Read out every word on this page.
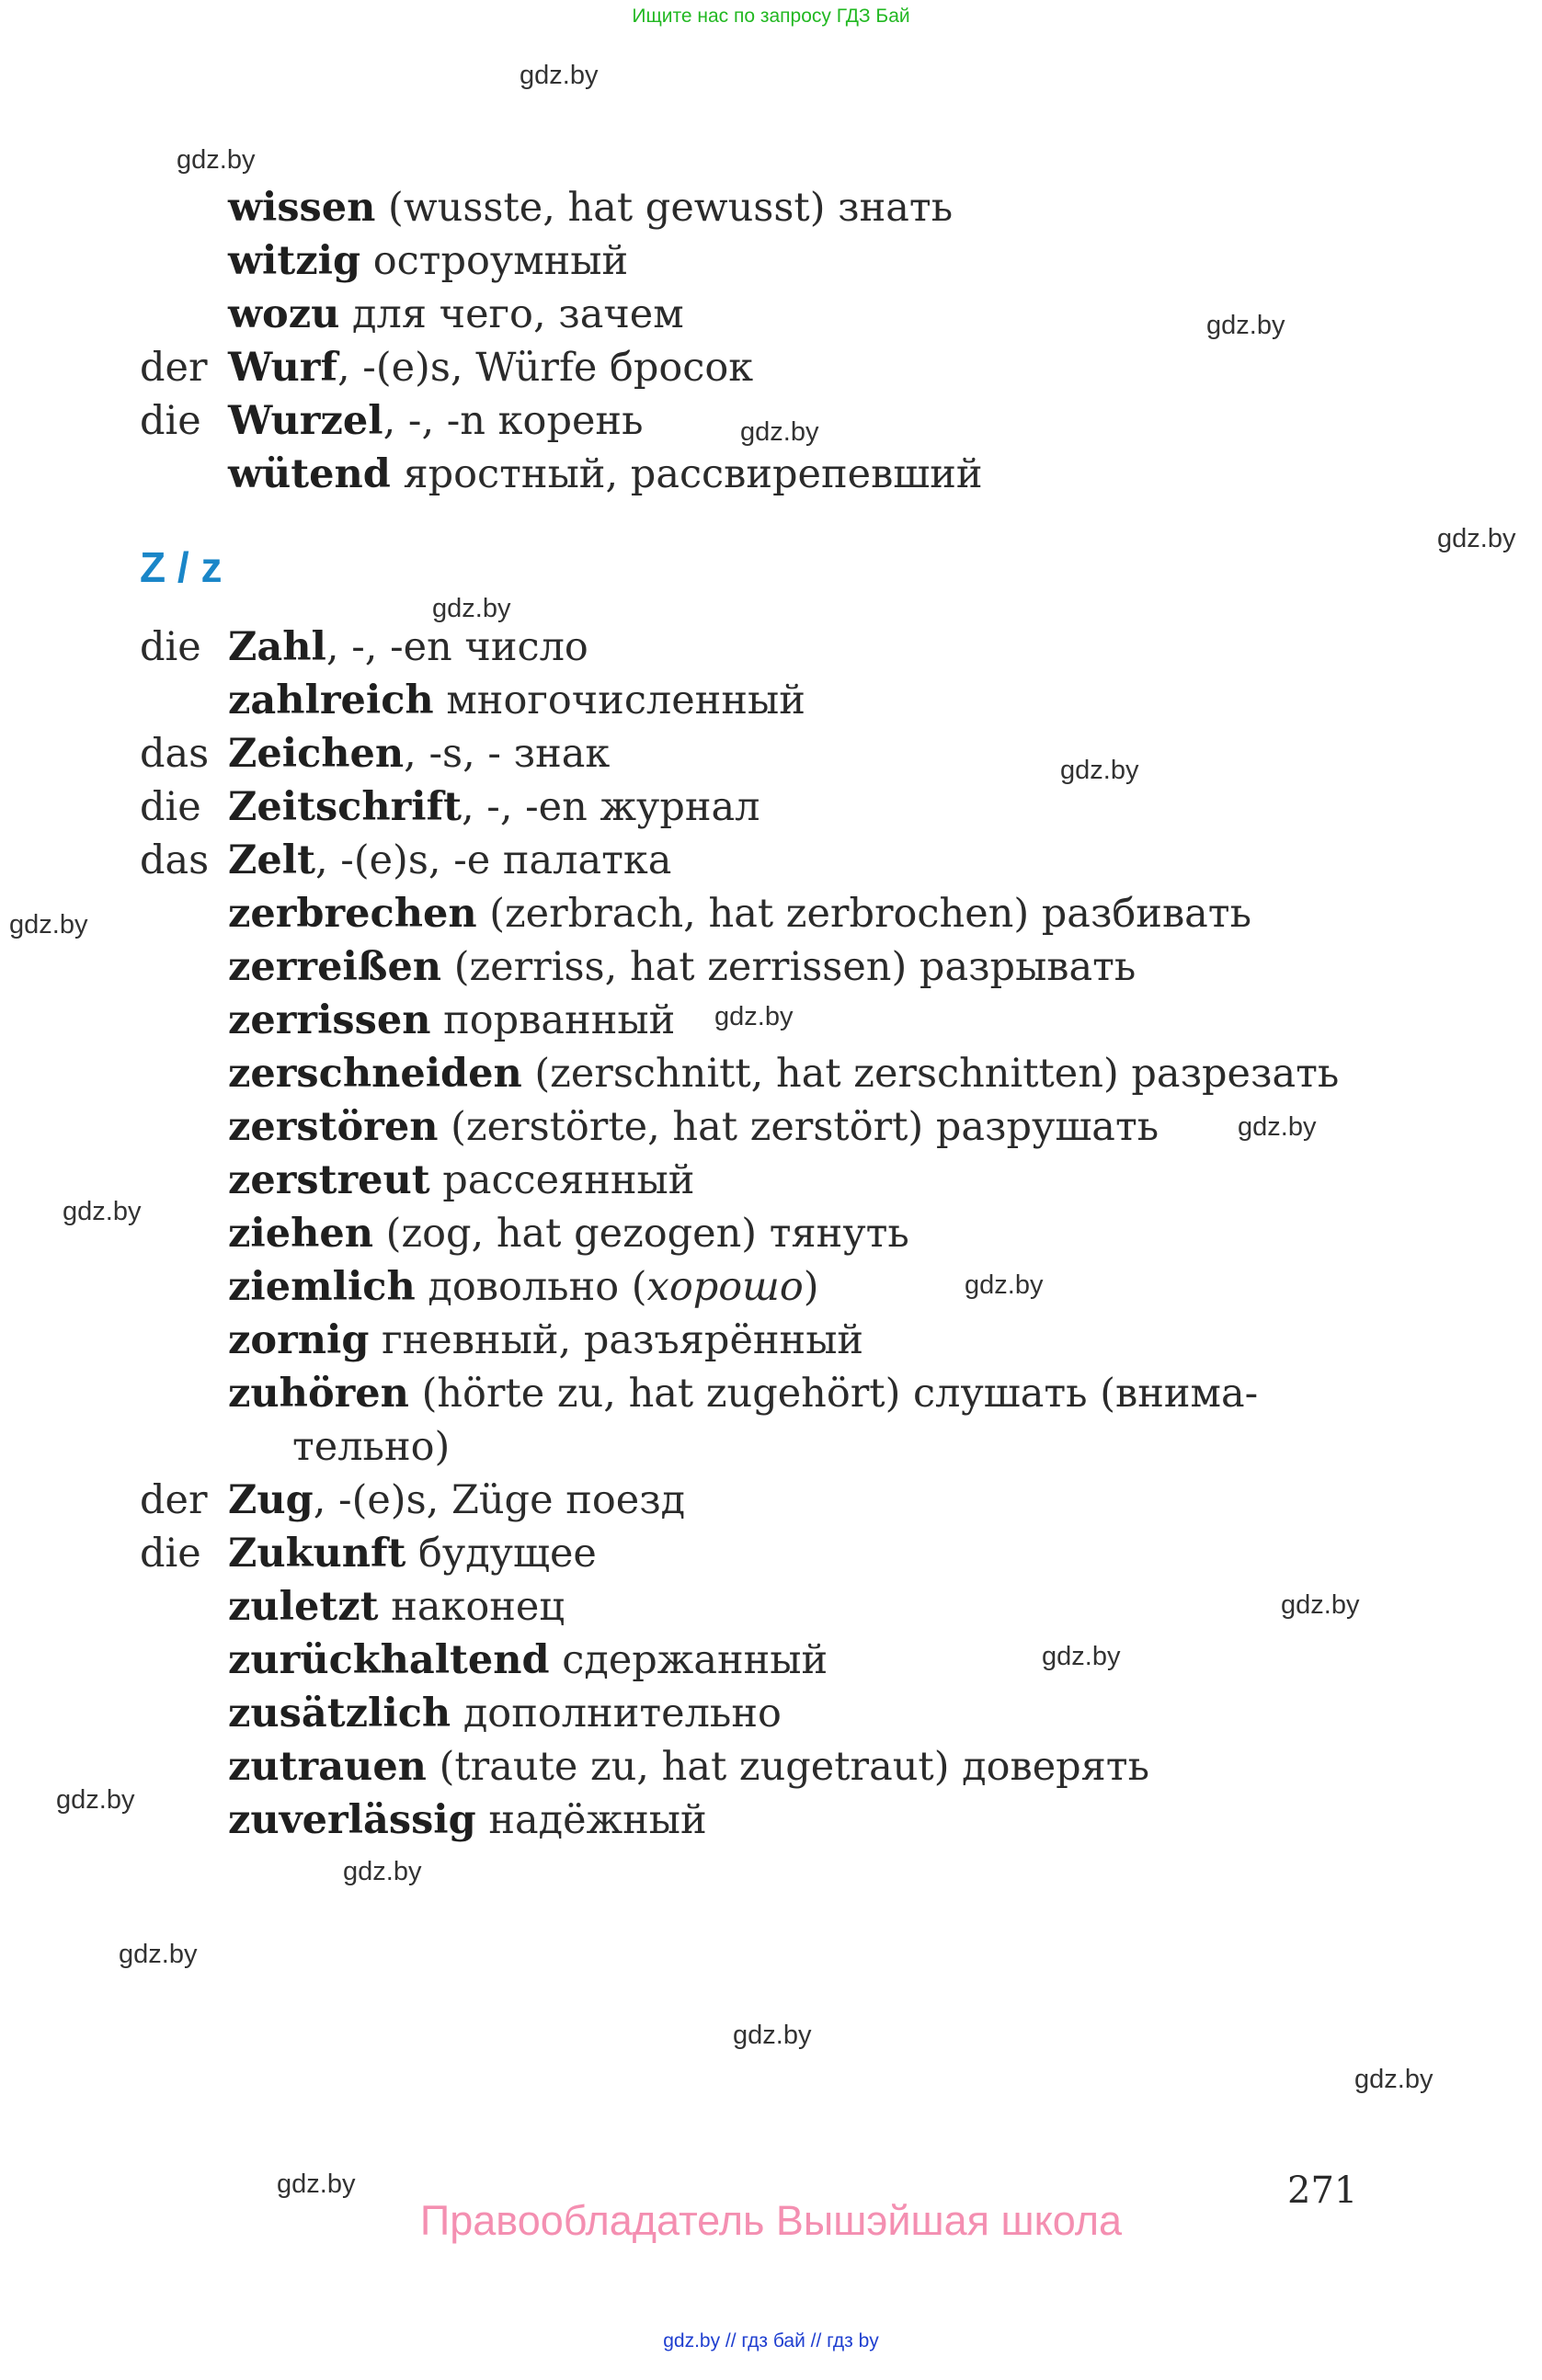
Ищите нас по запросу ГДЗ Бай
gdz.by
gdz.by
gdz.by
gdz.by
gdz.by
gdz.by
gdz.by
gdz.by
gdz.by
gdz.by
gdz.by
gdz.by
gdz.by
gdz.by
gdz.by
gdz.by
gdz.by
gdz.by
gdz.by
gdz.by
wissen (wusste, hat gewusst) знать
witzig остроумный
wozu для чего, зачем
der Wurf, -(e)s, Würfe бросок
die Wurzel, -, -n корень
wütend яростный, рассвирепевший
Z / z
die Zahl, -, -en число
zahlreich многочисленный
das Zeichen, -s, - знак
die Zeitschrift, -, -en журнал
das Zelt, -(e)s, -e палатка
zerbrechen (zerbrach, hat zerbrochen) разбивать
zerreißen (zerriss, hat zerrissen) разрывать
zerrissen порванный
zerschneiden (zerschnitt, hat zerschnitten) разрезать
zerstören (zerstörte, hat zerstört) разрушать
zerstreut рассеянный
ziehen (zog, hat gezogen) тянуть
ziemlich довольно (хорошо)
zornig гневный, разъярённый
zuhören (hörte zu, hat zugehört) слушать (внима-
тельно)
der Zug, -(e)s, Züge поезд
die Zukunft будущее
zuletzt наконец
zurückhaltend сдержанный
zusätzlich дополнительно
zutrauen (traute zu, hat zugetraut) доверять
zuverlässig надёжный
271
Правообладатель Вышэйшая школа
gdz.by // гдз бай // гдз by
